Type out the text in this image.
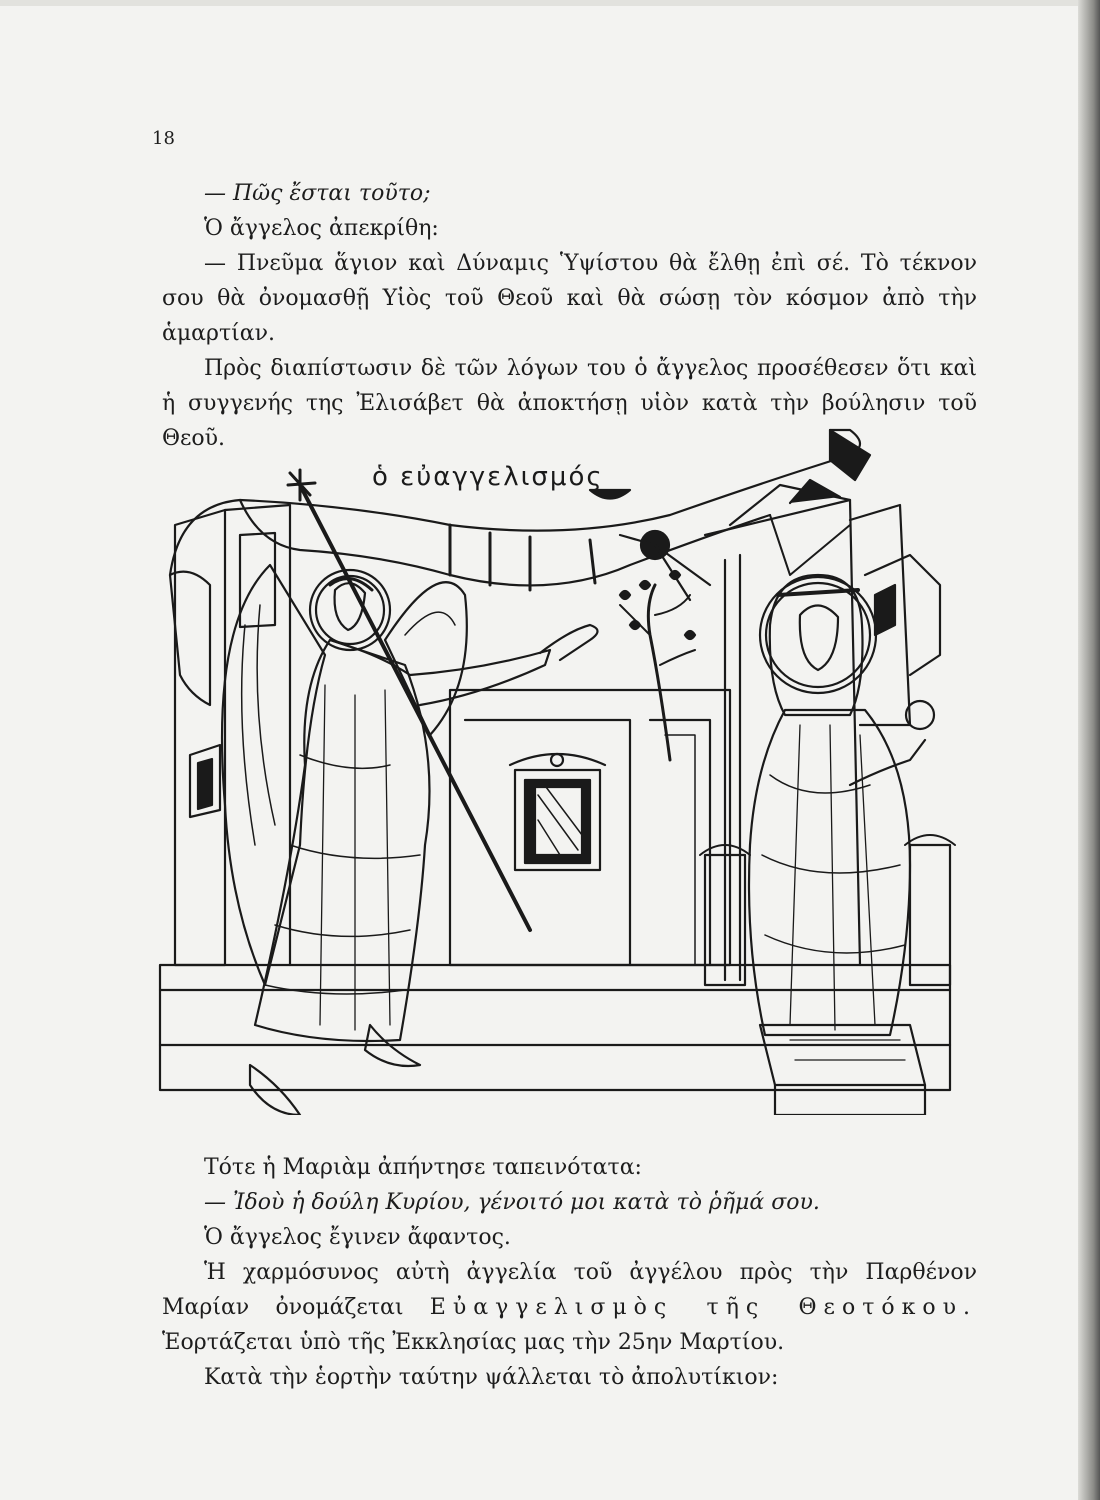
18

— Πῶς ἔσται τοῦτο;

Ὁ ἄγγελος ἀπεκρίθη:

— Πνεῦμα ἅγιον καὶ Δύναμις Ὑψίστου θὰ ἔλθῃ ἐπὶ σέ. Τὸ τέκνον σου θὰ ὀνομασθῇ Υἱὸς τοῦ Θεοῦ καὶ θὰ σώσῃ τὸν κόσμον ἀπὸ τὴν ἁμαρτίαν.

Πρὸς διαπίστωσιν δὲ τῶν λόγων του ὁ ἄγγελος προσέθεσεν ὅτι καὶ ἡ συγγενής της Ἐλισάβετ θὰ ἀποκτήσῃ υἱὸν κατὰ τὴν βούλησιν τοῦ Θεοῦ.

ὁ εὐαγγελισμός

Τότε ἡ Μαριὰμ ἀπήντησε ταπεινότατα:

— Ἰδοὺ ἡ δούλη Κυρίου, γένοιτό μοι κατὰ τὸ ῥῆμά σου.

Ὁ ἄγγελος ἔγινεν ἄφαντος.

Ἡ χαρμόσυνος αὐτὴ ἀγγελία τοῦ ἀγγέλου πρὸς τὴν Παρθένον Μαρίαν ὀνομάζεται Εὐαγγελισμὸς τῆς Θεοτόκου. Ἑορτάζεται ὑπὸ τῆς Ἐκκλησίας μας τὴν 25ην Μαρτίου.

Κατὰ τὴν ἑορτὴν ταύτην ψάλλεται τὸ ἀπολυτίκιον:
